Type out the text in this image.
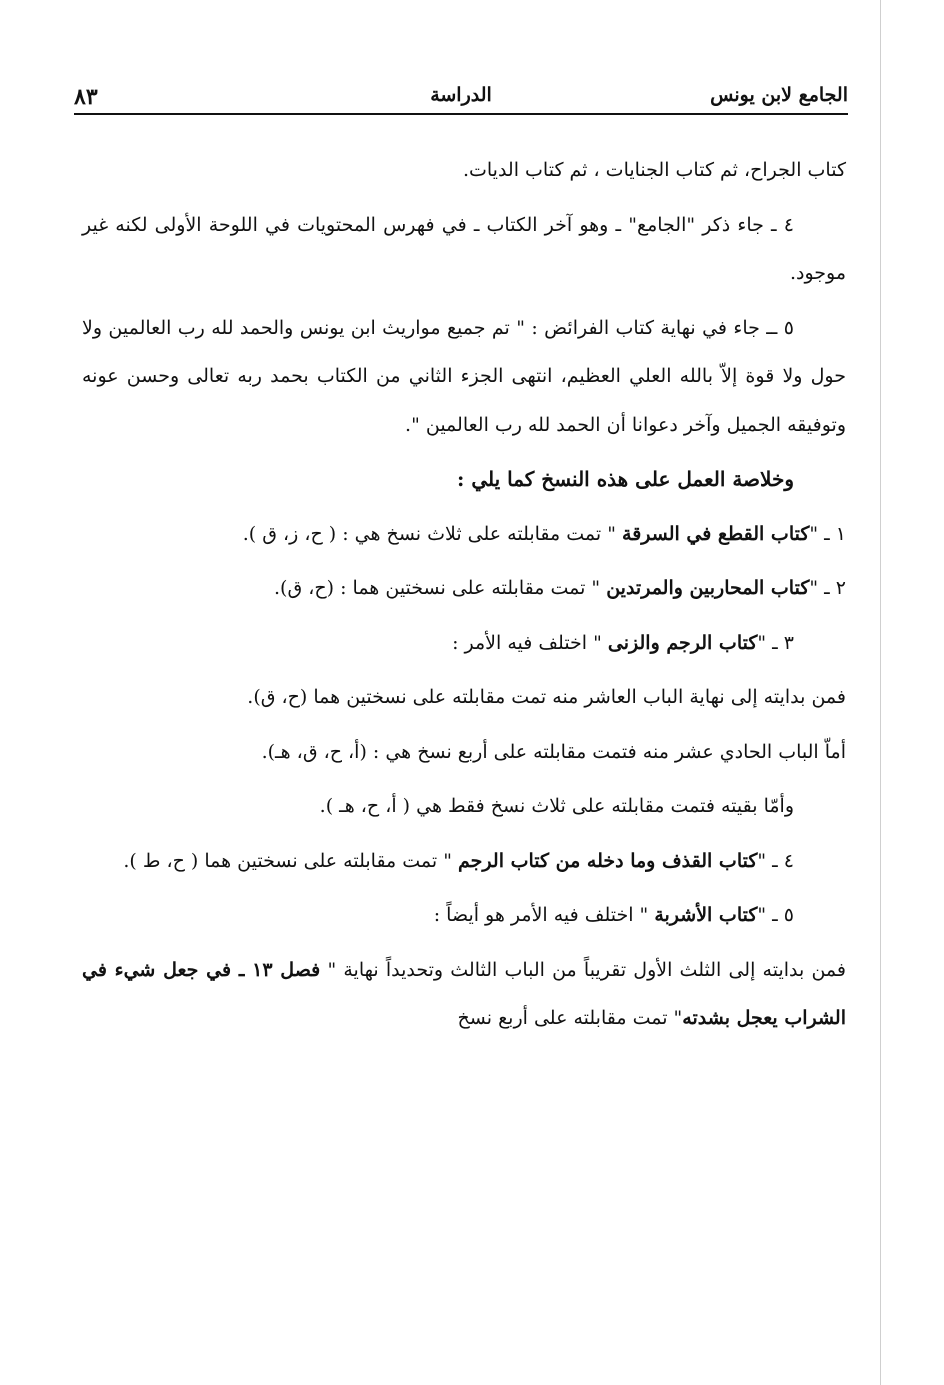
الجامع لابن يونس
الدراسة
٨٣

كتاب الجراح، ثم كتاب الجنايات ، ثم كتاب الديات.

٤ ـ جاء ذكر "الجامع" ـ وهو آخر الكتاب ـ في فهرس المحتويات في اللوحة الأولى لكنه غير موجود.

٥ ــ جاء في نهاية كتاب الفرائض : " تم جميع مواريث ابن يونس والحمد لله رب العالمين ولا حول ولا قوة إلاّ بالله العلي العظيم، انتهى الجزء الثاني من الكتاب بحمد ربه تعالى وحسن عونه وتوفيقه الجميل وآخر دعوانا أن الحمد لله رب العالمين ".

وخلاصة العمل على هذه النسخ كما يلي :

١ ـ "كتاب القطع في السرقة " تمت مقابلته على ثلاث نسخ هي : ( ح، ز، ق ).

٢ ـ "كتاب المحاربين والمرتدين " تمت مقابلته على نسختين هما : (ح، ق).

٣ ـ "كتاب الرجم والزنى " اختلف فيه الأمر :

فمن بدايته إلى نهاية الباب العاشر منه تمت مقابلته على نسختين هما (ح، ق).

أماّ الباب الحادي عشر منه فتمت مقابلته على أربع نسخ هي : (أ، ح، ق، هـ).

وأمّا بقيته فتمت مقابلته على ثلاث نسخ فقط هي ( أ، ح، هـ ).

٤ ـ "كتاب القذف وما دخله من كتاب الرجم " تمت مقابلته على نسختين هما ( ح، ط ).

٥ ـ "كتاب الأشربة " اختلف فيه الأمر هو أيضاً :

فمن بدايته إلى الثلث الأول تقريباً من الباب الثالث وتحديداً نهاية " فصل ١٣ ـ في جعل شيء في الشراب يعجل بشدته" تمت مقابلته على أربع نسخ
